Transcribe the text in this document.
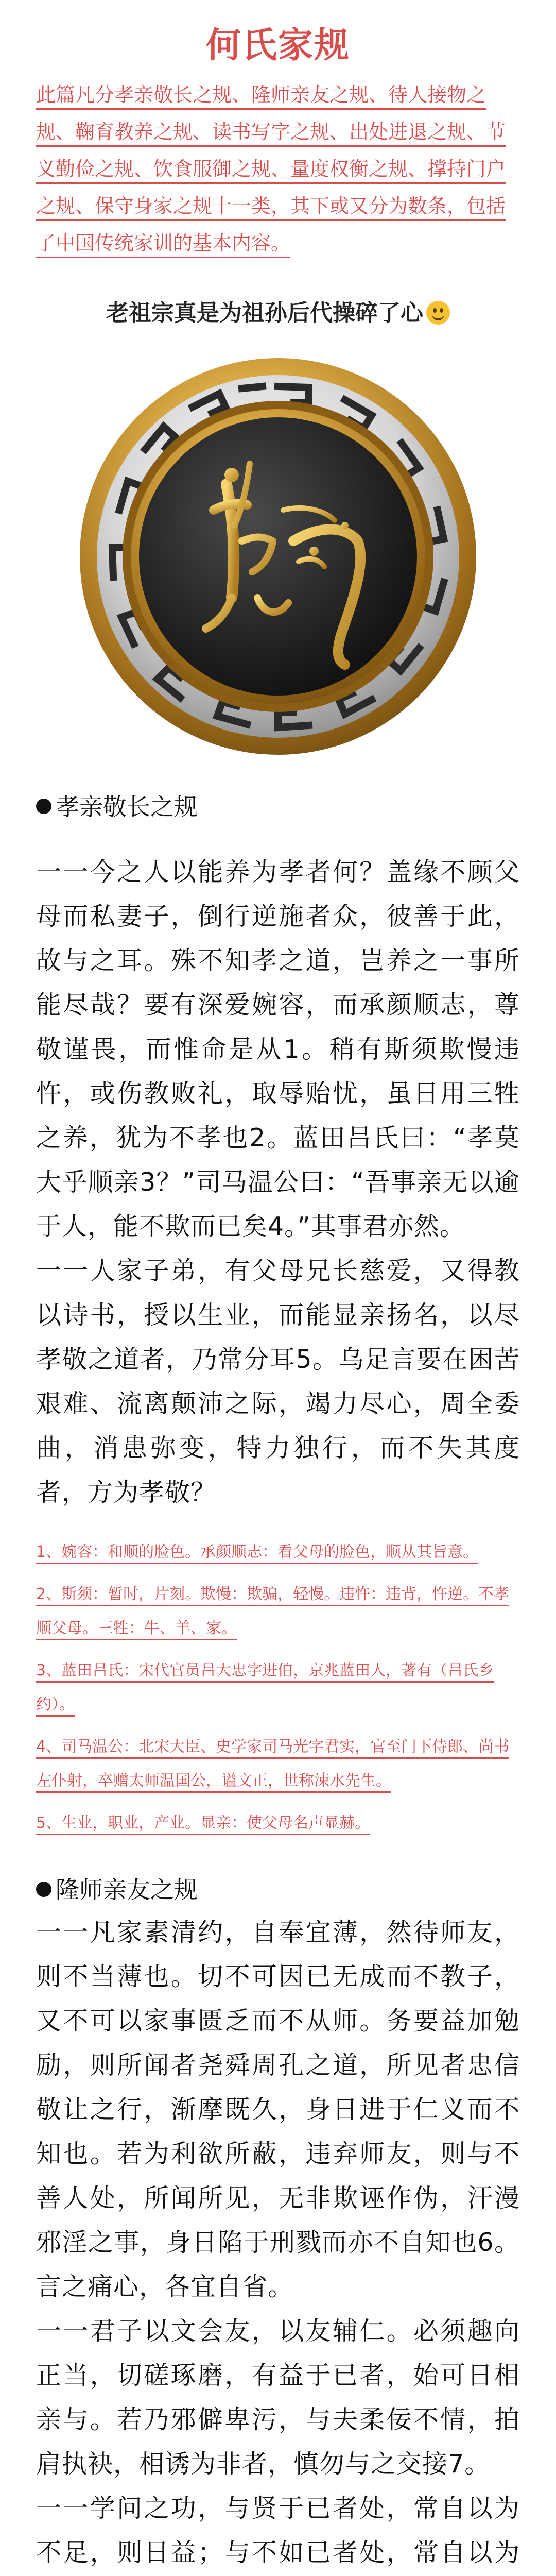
何氏家规
此篇凡分孝亲敬长之规、隆师亲友之规、待人接物之规、鞠育教养之规、读书写字之规、出处进退之规、节义勤俭之规、饮食服御之规、量度权衡之规、撑持门户之规、保守身家之规十一类，其下或又分为数条，包括了中国传统家训的基本内容。
老祖宗真是为祖孙后代操碎了心
孝亲敬长之规
一一今之人以能养为孝者何？盖缘不顾父母而私妻子，倒行逆施者众，彼善于此，故与之耳。殊不知孝之道，岂养之一事所能尽哉？要有深爱婉容，而承颜顺志，尊敬谨畏，而惟命是从1。稍有斯须欺慢违忤，或伤教败礼，取辱贻忧，虽日用三牲之养，犹为不孝也2。蓝田吕氏曰：“孝莫大乎顺亲3？”司马温公曰：“吾事亲无以逾于人，能不欺而已矣4。”其事君亦然。
一一人家子弟，有父母兄长慈爱，又得教以诗书，授以生业，而能显亲扬名，以尽孝敬之道者，乃常分耳5。乌足言要在困苦艰难、流离颠沛之际，竭力尽心，周全委曲，消患弥变，特力独行，而不失其度者，方为孝敬？
1、婉容：和顺的脸色。承颜顺志：看父母的脸色，顺从其旨意。
2、斯须：暂时，片刻。欺慢：欺骗，轻慢。违忤：违背，忤逆。不孝顺父母。三牲：牛、羊、家。
3、蓝田吕氏：宋代官员吕大忠字进伯，京兆蓝田人，著有（吕氏乡约）。
4、司马温公：北宋大臣、史学家司马光字君实，官至门下侍郎、尚书左仆射，卒赠太师温国公，谥文正，世称涑水先生。
5、生业，职业，产业。显亲：使父母名声显赫。
隆师亲友之规
一一凡家素清约，自奉宜薄，然待师友，则不当薄也。切不可因已无成而不教子，又不可以家事匮乏而不从师。务要益加勉励，则所闻者尧舜周孔之道，所见者忠信敬让之行，渐摩既久，身日进于仁义而不知也。若为利欲所蔽，违弃师友，则与不善人处，所闻所见，无非欺诬作伪，汗漫邪淫之事，身日陷于刑戮而亦不自知也6。言之痛心，各宜自省。
一一君子以文会友，以友辅仁。必须趣向正当，切磋琢磨，有益于已者，始可日相亲与。若乃邪僻卑污，与夫柔佞不情，拍肩执袂，相诱为非者，慎勿与之交接7。
一一学问之功，与贤于已者处，常自以为不足，则日益；与不如已者处，常自以为
